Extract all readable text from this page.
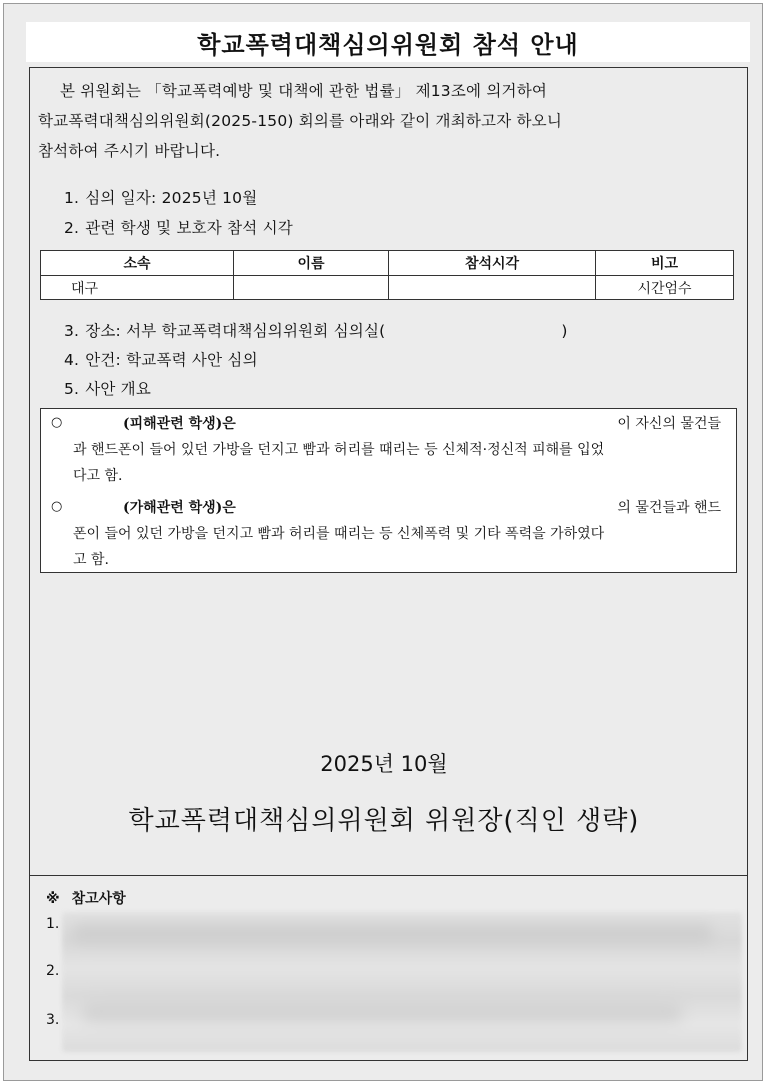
학교폭력대책심의위원회 참석 안내
본 위원회는 「학교폭력예방 및 대책에 관한 법률」 제13조에 의거하여
학교폭력대책심의위원회(2025-150) 회의를 아래와 같이 개최하고자 하오니
참석하여 주시기 바랍니다.
1. 심의 일자: 2025년 10월
2. 관련 학생 및 보호자 참석 시각
소속	이름	참석시각	비고
대구			시간엄수
3. 장소: 서부 학교폭력대책심의위원회 심의실(	)
4. 안건: 학교폭력 사안 심의
5. 사안 개요
○	(피해관련 학생)은	이 자신의 물건들
과 핸드폰이 들어 있던 가방을 던지고 빰과 허리를 때리는 등 신체적·정신적 피해를 입었
다고 함.
○	(가해관련 학생)은	의 물건들과 핸드
폰이 들어 있던 가방을 던지고 빰과 허리를 때리는 등 신체폭력 및 기타 폭력을 가하였다
고 함.
2025년 10월
학교폭력대책심의위원회 위원장(직인 생략)
※ 참고사항
1.
2.
3.
